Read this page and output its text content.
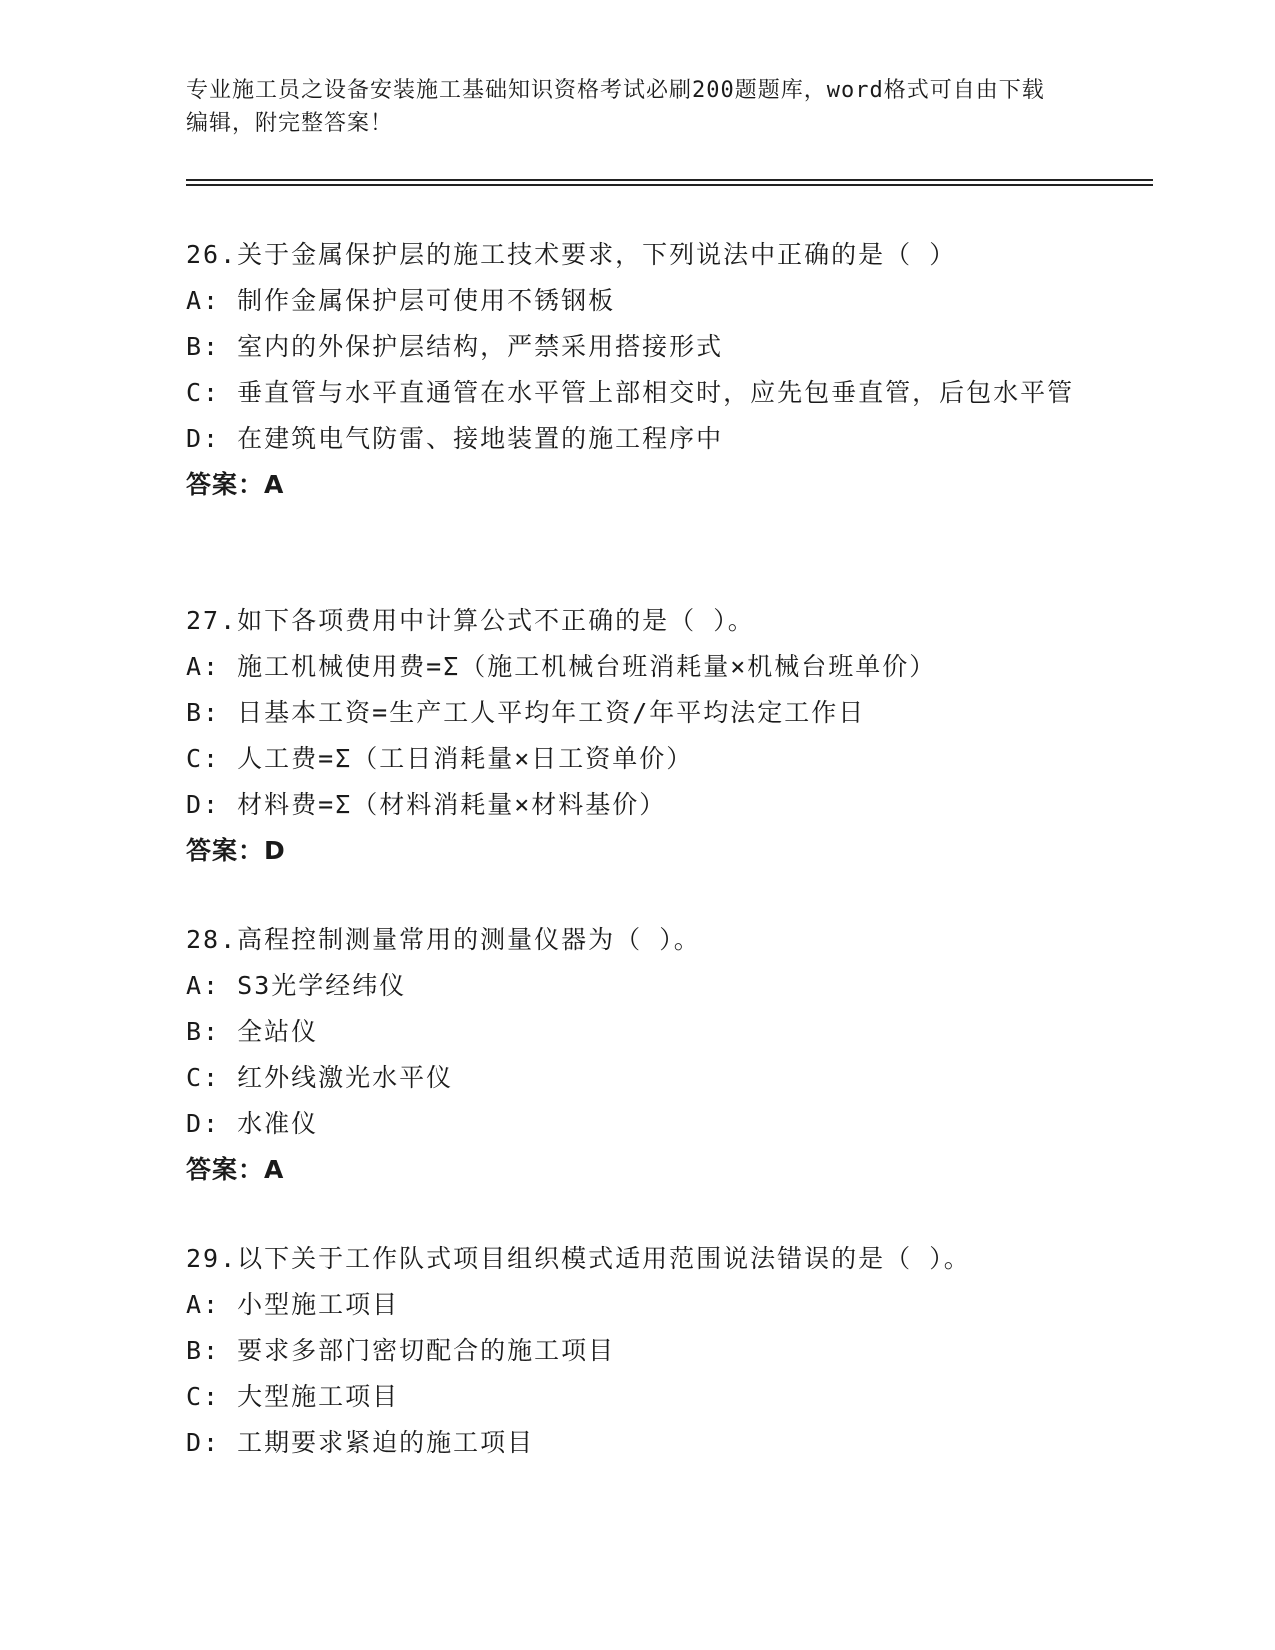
专业施工员之设备安装施工基础知识资格考试必刷200题题库，word格式可自由下载编辑，附完整答案！
26.关于金属保护层的施工技术要求，下列说法中正确的是（ ）
A: 制作金属保护层可使用不锈钢板
B: 室内的外保护层结构，严禁采用搭接形式
C: 垂直管与水平直通管在水平管上部相交时，应先包垂直管，后包水平管
D: 在建筑电气防雷、接地装置的施工程序中
答案：A
27.如下各项费用中计算公式不正确的是（ ）。
A: 施工机械使用费=Σ（施工机械台班消耗量×机械台班单价）
B: 日基本工资=生产工人平均年工资/年平均法定工作日
C: 人工费=Σ（工日消耗量×日工资单价）
D: 材料费=Σ（材料消耗量×材料基价）
答案：D
28.高程控制测量常用的测量仪器为（ ）。
A: S3光学经纬仪
B: 全站仪
C: 红外线激光水平仪
D: 水准仪
答案：A
29.以下关于工作队式项目组织模式适用范围说法错误的是（ ）。
A: 小型施工项目
B: 要求多部门密切配合的施工项目
C: 大型施工项目
D: 工期要求紧迫的施工项目
